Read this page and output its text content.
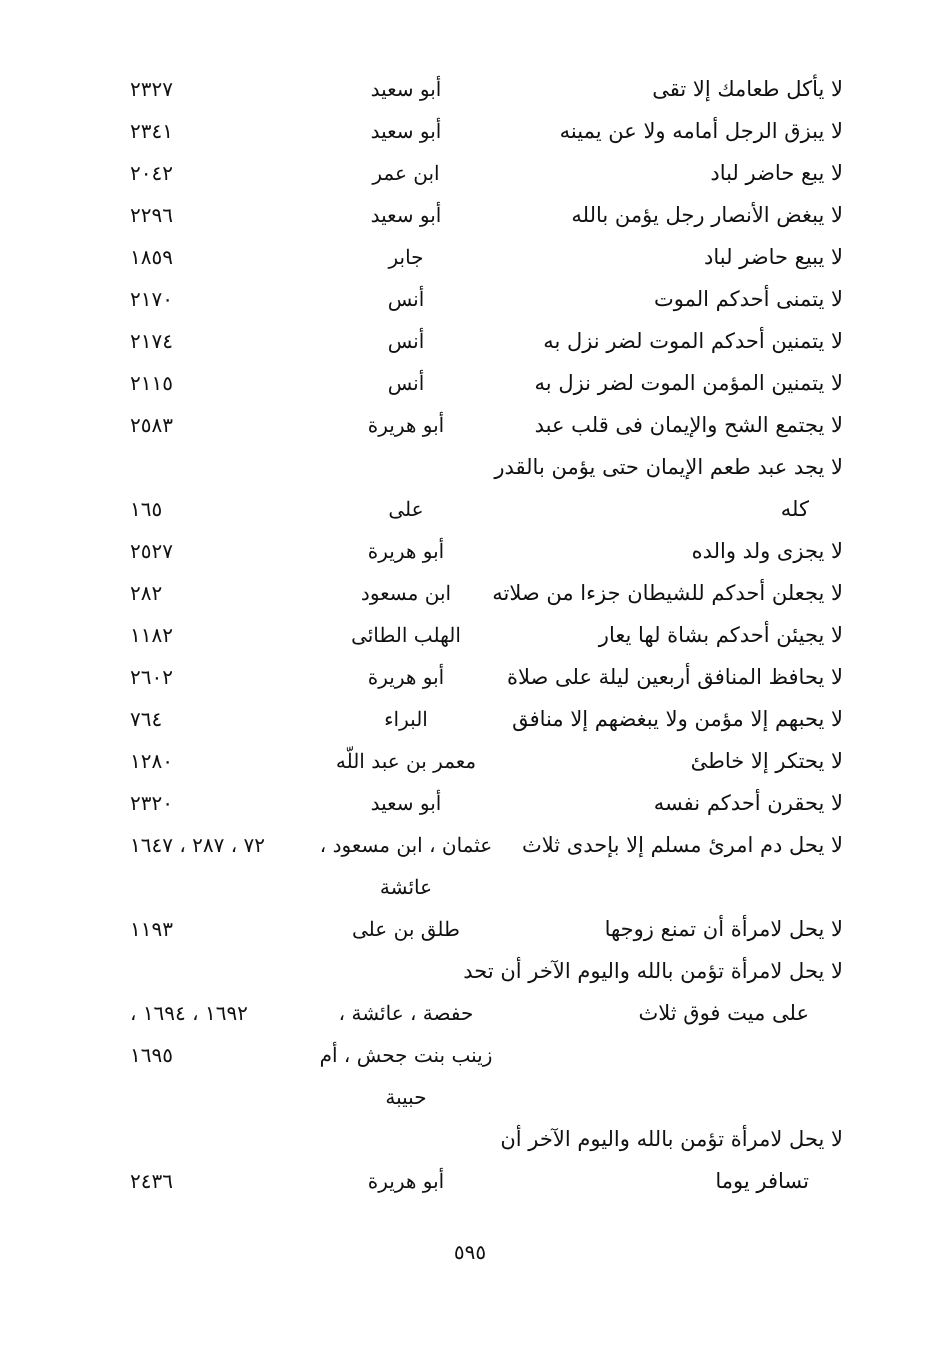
لا يأكل طعامك إلا تقى
أبو سعيد
٢٣٢٧
لا يبزق الرجل أمامه ولا عن يمينه
أبو سعيد
٢٣٤١
لا يبع حاضر لباد
ابن عمر
٢٠٤٢
لا يبغض الأنصار رجل يؤمن بالله
أبو سعيد
٢٢٩٦
لا يبيع حاضر لباد
جابر
١٨٥٩
لا يتمنى أحدكم الموت
أنس
٢١٧٠
لا يتمنين أحدكم الموت لضر نزل به
أنس
٢١٧٤
لا يتمنين المؤمن الموت لضر نزل به
أنس
٢١١٥
لا يجتمع الشح والإيمان فى قلب عبد
أبو هريرة
٢٥٨٣
لا يجد عبد طعم الإيمان حتى يؤمن بالقدر
كله
على
١٦٥
لا يجزى ولد والده
أبو هريرة
٢٥٢٧
لا يجعلن أحدكم للشيطان جزءا من صلاته
ابن مسعود
٢٨٢
لا يجيئن أحدكم بشاة لها يعار
الهلب الطائى
١١٨٢
لا يحافظ المنافق أربعين ليلة على صلاة
أبو هريرة
٢٦٠٢
لا يحبهم إلا مؤمن ولا يبغضهم إلا منافق
البراء
٧٦٤
لا يحتكر إلا خاطئ
معمر بن عبد اللّه
١٢٨٠
لا يحقرن أحدكم نفسه
أبو سعيد
٢٣٢٠
لا يحل دم امرئ مسلم إلا بإحدى ثلاث
عثمان ، ابن مسعود ،
٧٢ ، ٢٨٧ ، ١٦٤٧
عائشة
لا يحل لامرأة أن تمنع زوجها
طلق بن على
١١٩٣
لا يحل لامرأة تؤمن بالله واليوم الآخر أن تحد
على ميت فوق ثلاث
حفصة ، عائشة ،
١٦٩٢ ، ١٦٩٤ ،
زينب بنت جحش ، أم
١٦٩٥
حبيبة
لا يحل لامرأة تؤمن بالله واليوم الآخر أن
تسافر يوما
أبو هريرة
٢٤٣٦
٥٩٥
